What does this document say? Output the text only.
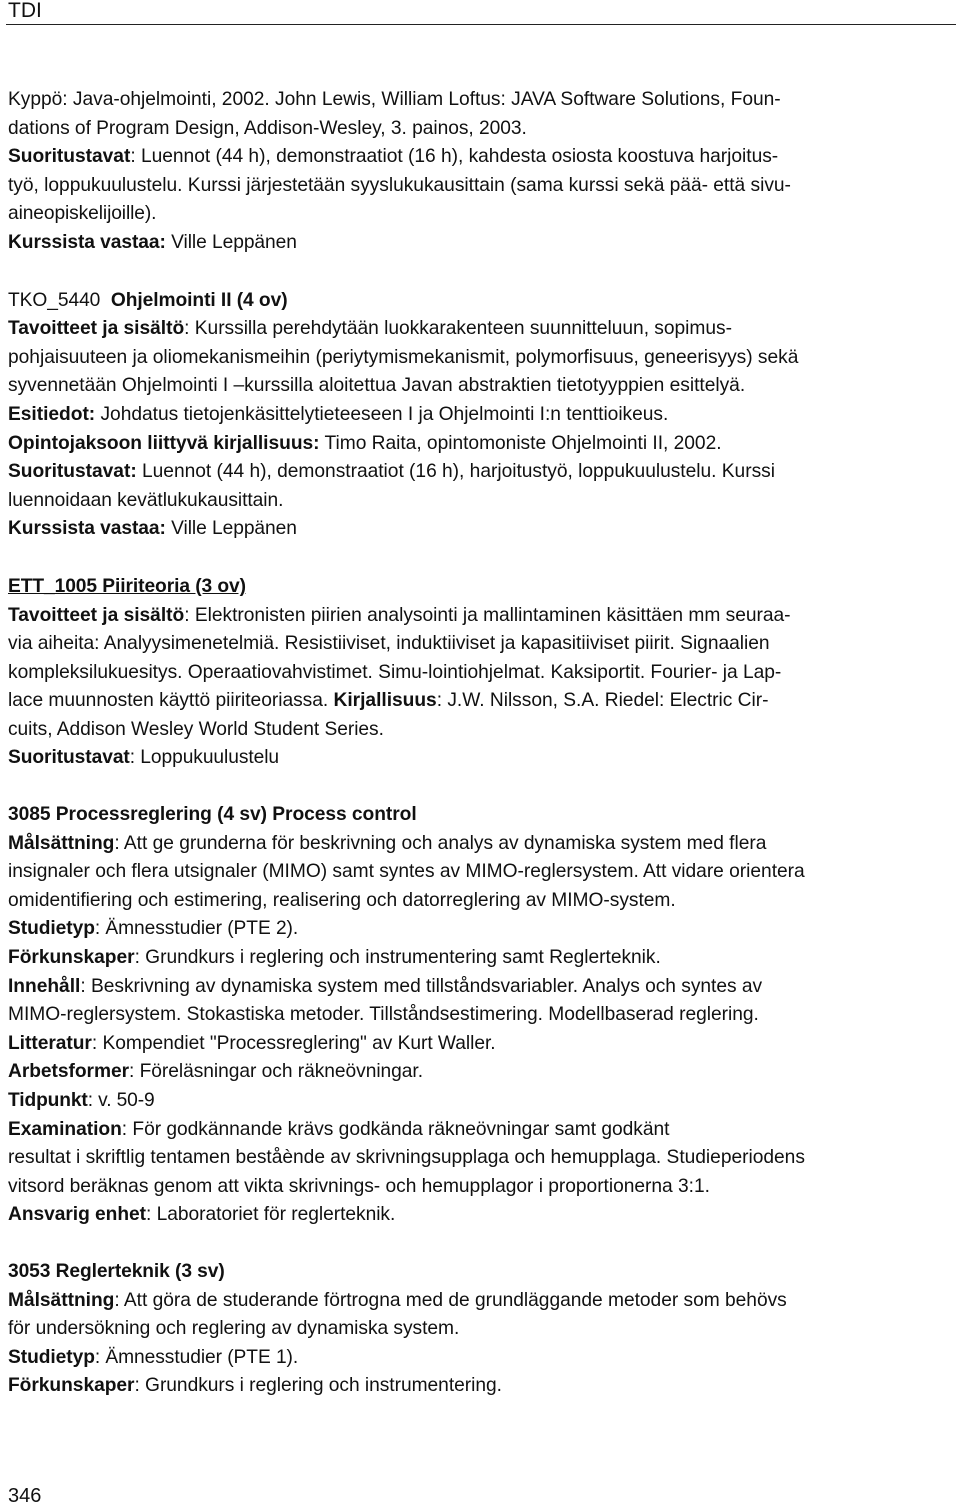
TDI

Kyppö: Java-ohjelmointi, 2002. John Lewis, William Loftus: JAVA Software Solutions, Foun-

dations of Program Design, Addison-Wesley, 3. painos, 2003.

Suoritustavat: Luennot (44 h), demonstraatiot (16 h), kahdesta osiosta koostuva harjoitus-

työ, loppukuulustelu. Kurssi järjestetään syyslukukausittain (sama kurssi sekä pää- että sivu-

aineopiskelijoille).

Kurssista vastaa: Ville Leppänen

TKO_5440 Ohjelmointi II (4 ov)

Tavoitteet ja sisältö: Kurssilla perehdytään luokkarakenteen suunnitteluun, sopimus-

pohjaisuuteen ja oliomekanismeihin (periytymismekanismit, polymorfisuus, geneerisyys) sekä

syvennetään Ohjelmointi I –kurssilla aloitettua Javan abstraktien tietotyyppien esittelyä.

Esitiedot: Johdatus tietojenkäsittelytieteeseen I ja Ohjelmointi I:n tenttioikeus.

Opintojaksoon liittyvä kirjallisuus: Timo Raita, opintomoniste Ohjelmointi II, 2002.

Suoritustavat: Luennot (44 h), demonstraatiot (16 h), harjoitustyö, loppukuulustelu. Kurssi

luennoidaan kevätlukukausittain.

Kurssista vastaa: Ville Leppänen

ETT_1005 Piiriteoria (3 ov)

Tavoitteet ja sisältö: Elektronisten piirien analysointi ja mallintaminen käsittäen mm seuraa-

via aiheita: Analyysimenetelmiä. Resistiiviset, induktiiviset ja kapasitiiviset piirit. Signaalien

kompleksilukuesitys. Operaatiovahvistimet. Simu-lointiohjelmat. Kaksiportit. Fourier- ja Lap-

lace muunnosten käyttö piiriteoriassa. Kirjallisuus: J.W. Nilsson, S.A. Riedel: Electric Cir-

cuits, Addison Wesley World Student Series.

Suoritustavat: Loppukuulustelu

3085 Processreglering (4 sv) Process control

Målsättning: Att ge grunderna för beskrivning och analys av dynamiska system med flera

insignaler och flera utsignaler (MIMO) samt syntes av MIMO-reglersystem. Att vidare orientera

omidentifiering och estimering, realisering och datorreglering av MIMO-system.

Studietyp: Ämnesstudier (PTE 2).

Förkunskaper: Grundkurs i reglering och instrumentering samt Reglerteknik.

Innehåll: Beskrivning av dynamiska system med tillståndsvariabler. Analys och syntes av

MIMO-reglersystem. Stokastiska metoder. Tillståndsestimering. Modellbaserad reglering.

Litteratur: Kompendiet "Processreglering" av Kurt Waller.

Arbetsformer: Föreläsningar och räkneövningar.

Tidpunkt: v. 50-9

Examination: För godkännande krävs godkända räkneövningar samt godkänt

resultat i skriftlig tentamen beståènde av skrivningsupplaga och hemupplaga. Studieperiodens

vitsord beräknas genom att vikta skrivnings- och hemupplagor i proportionerna 3:1.

Ansvarig enhet: Laboratoriet för reglerteknik.

3053 Reglerteknik (3 sv)

Målsättning: Att göra de studerande förtrogna med de grundläggande metoder som behövs

för undersökning och reglering av dynamiska system.

Studietyp: Ämnesstudier (PTE 1).

Förkunskaper: Grundkurs i reglering och instrumentering.

346
